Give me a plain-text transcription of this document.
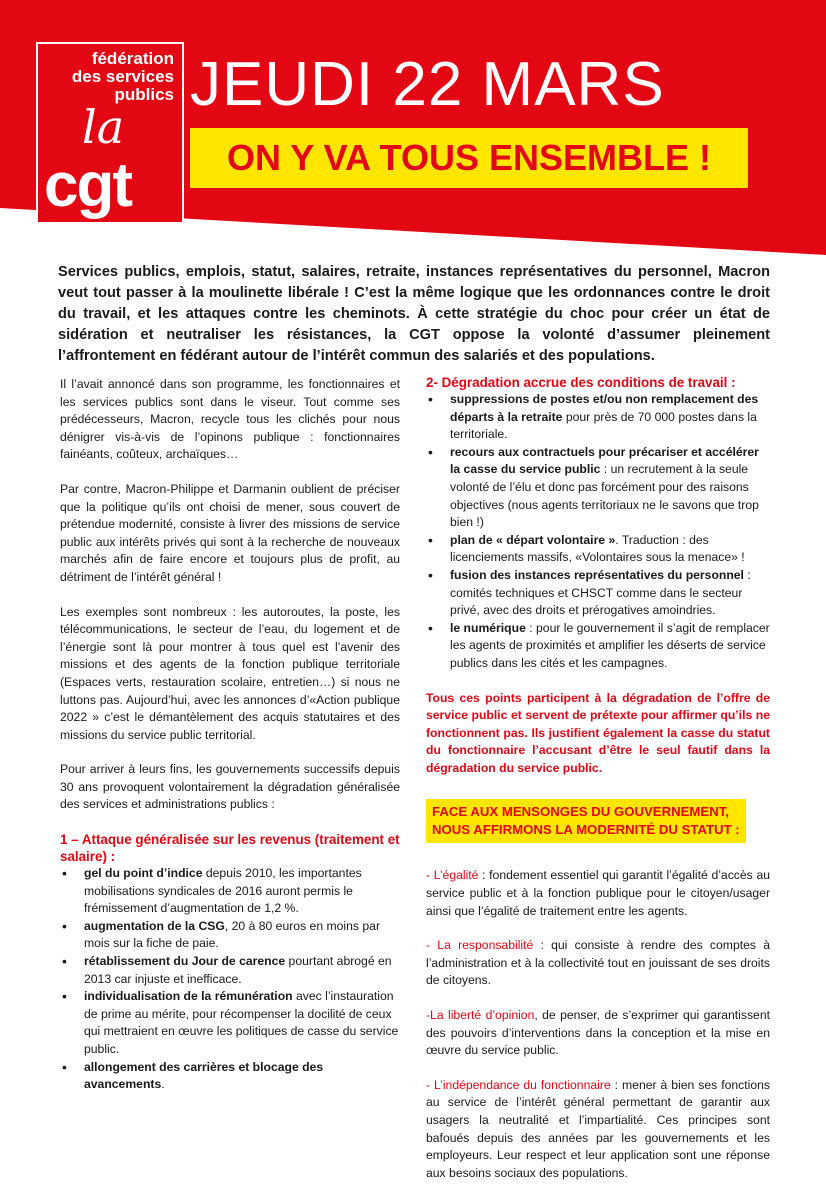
fédération
des services
publics
la
cgt
JEUDI 22 MARS
ON Y VA TOUS ENSEMBLE !

Services publics, emplois, statut, salaires, retraite, instances représentatives du personnel, Macron veut tout passer à la moulinette libérale ! C’est la même logique que les ordonnances contre le droit du travail, et les attaques contre les cheminots. À cette stratégie du choc pour créer un état de sidération et neutraliser les résistances, la CGT oppose la volonté d’assumer pleinement l’affrontement en fédérant autour de l’intérêt commun des salariés et des populations.

Il l’avait annoncé dans son programme, les fonctionnaires et les services publics sont dans le viseur. Tout comme ses prédécesseurs, Macron, recycle tous les clichés pour nous dénigrer vis-à-vis de l’opinons publique : fonctionnaires fainéants, coûteux, archaïques…

Par contre, Macron-Philippe et Darmanin oublient de préciser que la politique qu’ils ont choisi de mener, sous couvert de prétendue modernité, consiste à livrer des missions de service public aux intérêts privés qui sont à la recherche de nouveaux marchés afin de faire encore et toujours plus de profit, au détriment de l’intérêt général !

Les exemples sont nombreux : les autoroutes, la poste, les télécommunications, le secteur de l’eau, du logement et de l’énergie sont là pour montrer à tous quel est l’avenir des missions et des agents de la fonction publique territoriale (Espaces verts, restauration scolaire, entretien…) si nous ne luttons pas. Aujourd’hui, avec les annonces d’«Action publique 2022 » c’est le démantèlement des acquis statutaires et des missions du service public territorial.

Pour arriver à leurs fins, les gouvernements successifs depuis 30 ans provoquent volontairement la dégradation généralisée des services et administrations publics :

1 – Attaque généralisée sur les revenus (traitement et salaire) :
• gel du point d’indice depuis 2010, les importantes mobilisations syndicales de 2016 auront permis le frémissement d’augmentation de 1,2 %.
• augmentation de la CSG, 20 à 80 euros en moins par mois sur la fiche de paie.
• rétablissement du Jour de carence pourtant abrogé en 2013 car injuste et inefficace.
• individualisation de la rémunération avec l’instauration de prime au mérite, pour récompenser la docilité de ceux qui mettraient en œuvre les politiques de casse du service public.
• allongement des carrières et blocage des avancements.
2- Dégradation accrue des conditions de travail :
• suppressions de postes et/ou non remplacement des départs à la retraite pour près de 70 000 postes dans la territoriale.
• recours aux contractuels pour précariser et accélérer la casse du service public : un recrutement à la seule volonté de l’élu et donc pas forcément pour des raisons objectives (nous agents territoriaux ne le savons que trop bien !)
• plan de « départ volontaire ». Traduction : des licenciements massifs, «Volontaires sous la menace» !
• fusion des instances représentatives du personnel : comités techniques et CHSCT comme dans le secteur privé, avec des droits et prérogatives amoindries.
• le numérique : pour le gouvernement il s’agit de remplacer les agents de proximités et amplifier les déserts de service publics dans les cités et les campagnes.

Tous ces points participent à la dégradation de l’offre de service public et servent de prétexte pour affirmer qu’ils ne fonctionnent pas. Ils justifient également la casse du statut du fonctionnaire l’accusant d’être le seul fautif dans la dégradation du service public.

FACE AUX MENSONGES DU GOUVERNEMENT,
NOUS AFFIRMONS LA MODERNITÉ DU STATUT :

- L’égalité : fondement essentiel qui garantit l’égalité d’accès au service public et à la fonction publique pour le citoyen/usager ainsi que l’égalité de traitement entre les agents.

- La responsabilité : qui consiste à rendre des comptes à l’administration et à la collectivité tout en jouissant de ses droits de citoyens.

-La liberté d’opinion, de penser, de s’exprimer qui garantissent des pouvoirs d’interventions dans la conception et la mise en œuvre du service public.

- L’indépendance du fonctionnaire : mener à bien ses fonctions au service de l’intérêt général permettant de garantir aux usagers la neutralité et l’impartialité. Ces principes sont bafoués depuis des années par les gouvernements et les employeurs. Leur respect et leur application sont une réponse aux besoins sociaux des populations.
